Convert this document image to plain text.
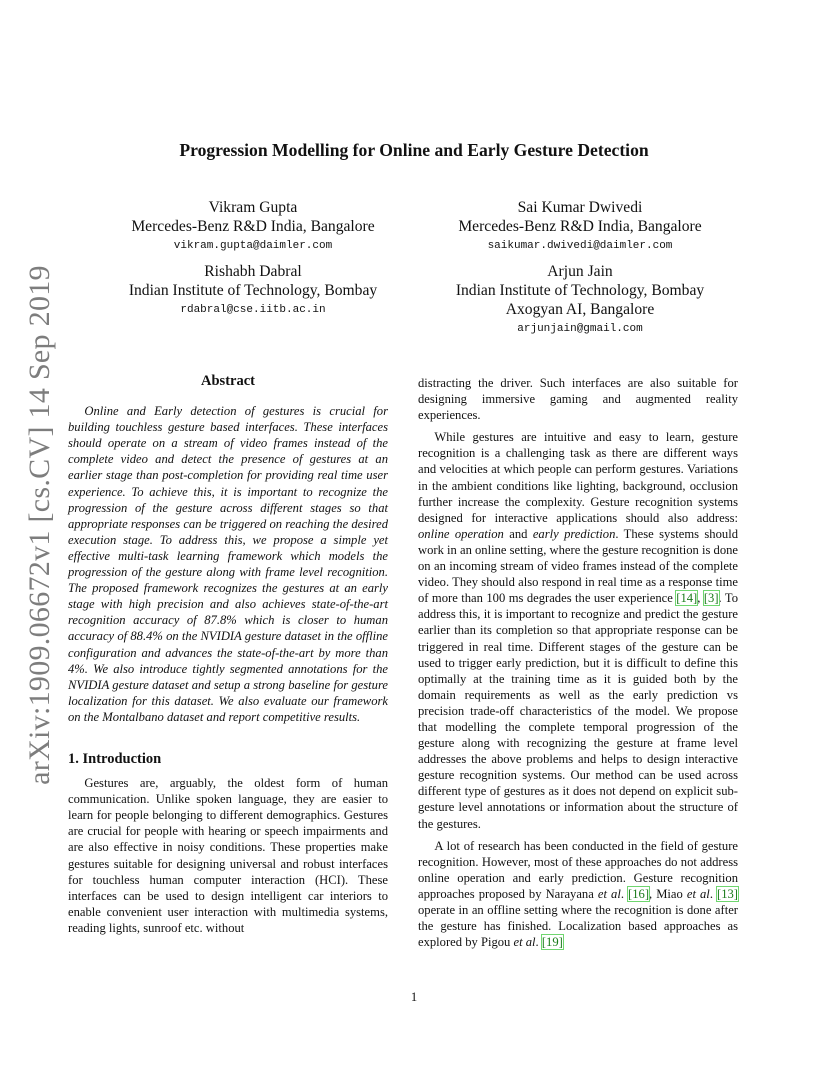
arXiv:1909.06672v1 [cs.CV] 14 Sep 2019
Progression Modelling for Online and Early Gesture Detection
Vikram Gupta
Mercedes-Benz R&D India, Bangalore
vikram.gupta@daimler.com
Sai Kumar Dwivedi
Mercedes-Benz R&D India, Bangalore
saikumar.dwivedi@daimler.com
Rishabh Dabral
Indian Institute of Technology, Bombay
rdabral@cse.iitb.ac.in
Arjun Jain
Indian Institute of Technology, Bombay
Axogyan AI, Bangalore
arjunjain@gmail.com
Abstract

Online and Early detection of gestures is crucial for building touchless gesture based interfaces. These interfaces should operate on a stream of video frames instead of the complete video and detect the presence of gestures at an earlier stage than post-completion for providing real time user experience. To achieve this, it is important to recognize the progression of the gesture across different stages so that appropriate responses can be triggered on reaching the desired execution stage. To address this, we propose a simple yet effective multi-task learning framework which models the progression of the gesture along with frame level recognition. The proposed framework recognizes the gestures at an early stage with high precision and also achieves state-of-the-art recognition accuracy of 87.8% which is closer to human accuracy of 88.4% on the NVIDIA gesture dataset in the offline configuration and advances the state-of-the-art by more than 4%. We also introduce tightly segmented annotations for the NVIDIA gesture dataset and setup a strong baseline for gesture localization for this dataset. We also evaluate our framework on the Montalbano dataset and report competitive results.

1. Introduction

Gestures are, arguably, the oldest form of human communication. Unlike spoken language, they are easier to learn for people belonging to different demographics. Gestures are crucial for people with hearing or speech impairments and are also effective in noisy conditions. These properties make gestures suitable for designing universal and robust interfaces for touchless human computer interaction (HCI). These interfaces can be used to design intelligent car interiors to enable convenient user interaction with multimedia systems, reading lights, sunroof etc. without

distracting the driver. Such interfaces are also suitable for designing immersive gaming and augmented reality experiences.

While gestures are intuitive and easy to learn, gesture recognition is a challenging task as there are different ways and velocities at which people can perform gestures. Variations in the ambient conditions like lighting, background, occlusion further increase the complexity. Gesture recognition systems designed for interactive applications should also address: online operation and early prediction. These systems should work in an online setting, where the gesture recognition is done on an incoming stream of video frames instead of the complete video. They should also respond in real time as a response time of more than 100 ms degrades the user experience [14], [3]. To address this, it is important to recognize and predict the gesture earlier than its completion so that appropriate response can be triggered in real time. Different stages of the gesture can be used to trigger early prediction, but it is difficult to define this optimally at the training time as it is guided both by the domain requirements as well as the early prediction vs precision trade-off characteristics of the model. We propose that modelling the complete temporal progression of the gesture along with recognizing the gesture at frame level addresses the above problems and helps to design interactive gesture recognition systems. Our method can be used across different type of gestures as it does not depend on explicit sub-gesture level annotations or information about the structure of the gestures.

A lot of research has been conducted in the field of gesture recognition. However, most of these approaches do not address online operation and early prediction. Gesture recognition approaches proposed by Narayana et al. [16], Miao et al. [13] operate in an offline setting where the recognition is done after the gesture has finished. Localization based approaches as explored by Pigou et al. [19]

1
